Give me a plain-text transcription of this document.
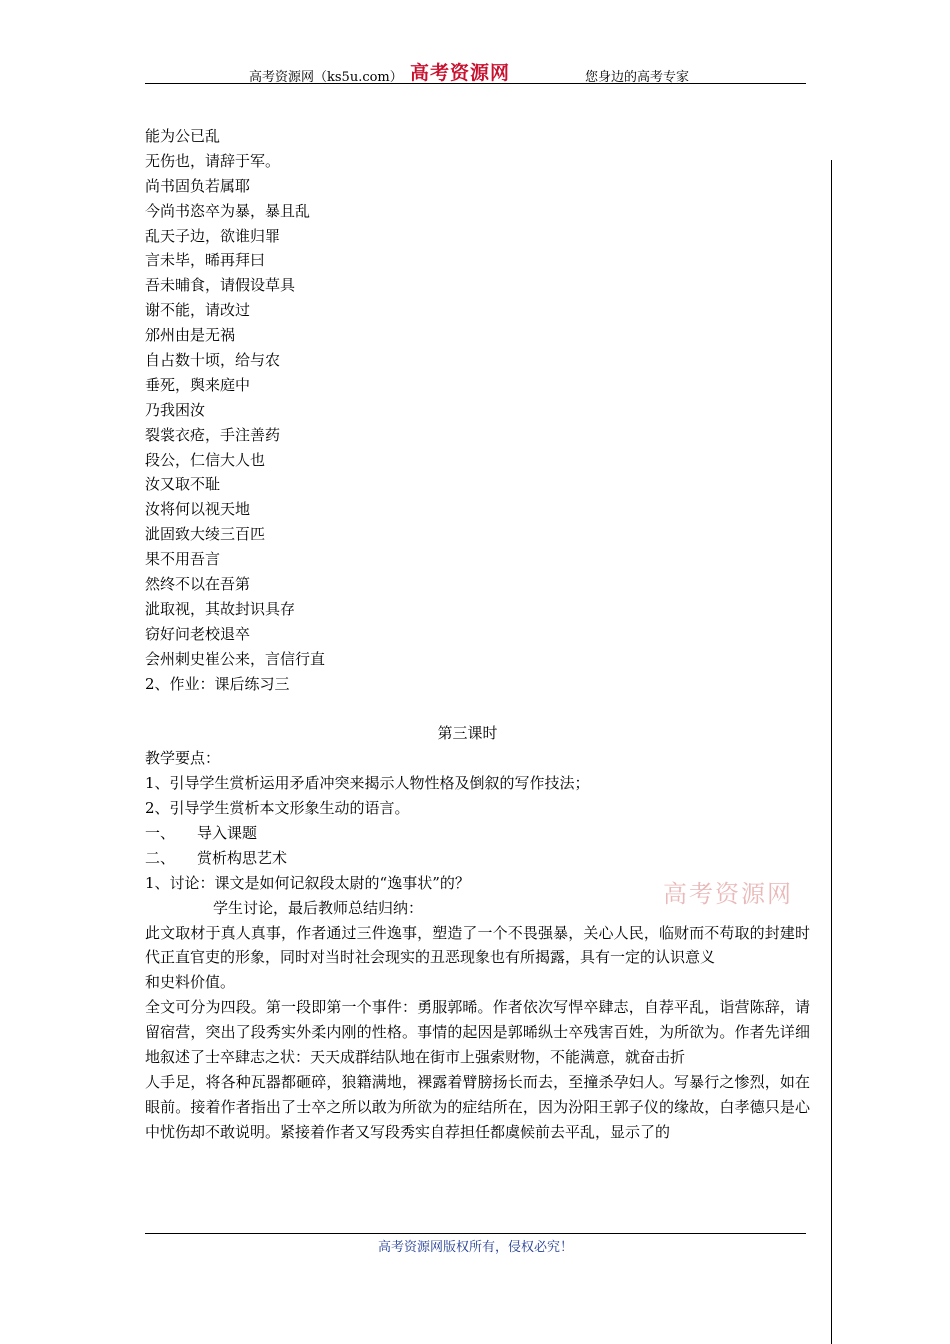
高考资源网（ks5u.com） 高考资源网	您身边的高考专家
能为公已乱
无伤也，请辞于军。
尚书固负若属耶
今尚书恣卒为暴，暴且乱
乱天子边，欲谁归罪
言未毕，晞再拜曰
吾未晡食，请假设草具
谢不能，请改过
邠州由是无祸
自占数十顷，给与农
垂死，舆来庭中
乃我困汝
裂裳衣疮，手注善药
段公，仁信大人也
汝又取不耻
汝将何以视天地
泚固致大绫三百匹
果不用吾言
然终不以在吾第
泚取视，其故封识具存
窃好问老校退卒
会州刺史崔公来，言信行直
2、作业：课后练习三
第三课时
教学要点：
1、引导学生赏析运用矛盾冲突来揭示人物性格及倒叙的写作技法；
2、引导学生赏析本文形象生动的语言。
一、 导入课题
二、 赏析构思艺术
1、讨论：课文是如何记叙段太尉的“逸事状”的？
学生讨论，最后教师总结归纳：
此文取材于真人真事，作者通过三件逸事，塑造了一个不畏强暴，关心人民，临财而不苟取的封建时代正直官吏的形象，同时对当时社会现实的丑恶现象也有所揭露，具有一定的认识意义
和史料价值。
全文可分为四段。第一段即第一个事件：勇服郭晞。作者依次写悍卒肆志，自荐平乱，诣营陈辞，请留宿营，突出了段秀实外柔内刚的性格。事情的起因是郭晞纵士卒残害百姓，为所欲为。作者先详细地叙述了士卒肆志之状：天天成群结队地在街市上强索财物，不能满意，就奋击折
人手足，将各种瓦器都砸碎，狼籍满地，裸露着臂膀扬长而去，至撞杀孕妇人。写暴行之惨烈，如在眼前。接着作者指出了士卒之所以敢为所欲为的症结所在，因为汾阳王郭子仪的缘故，白孝德只是心中忧伤却不敢说明。紧接着作者又写段秀实自荐担任都虞候前去平乱，显示了的
高考资源网
高考资源网版权所有，侵权必究！
